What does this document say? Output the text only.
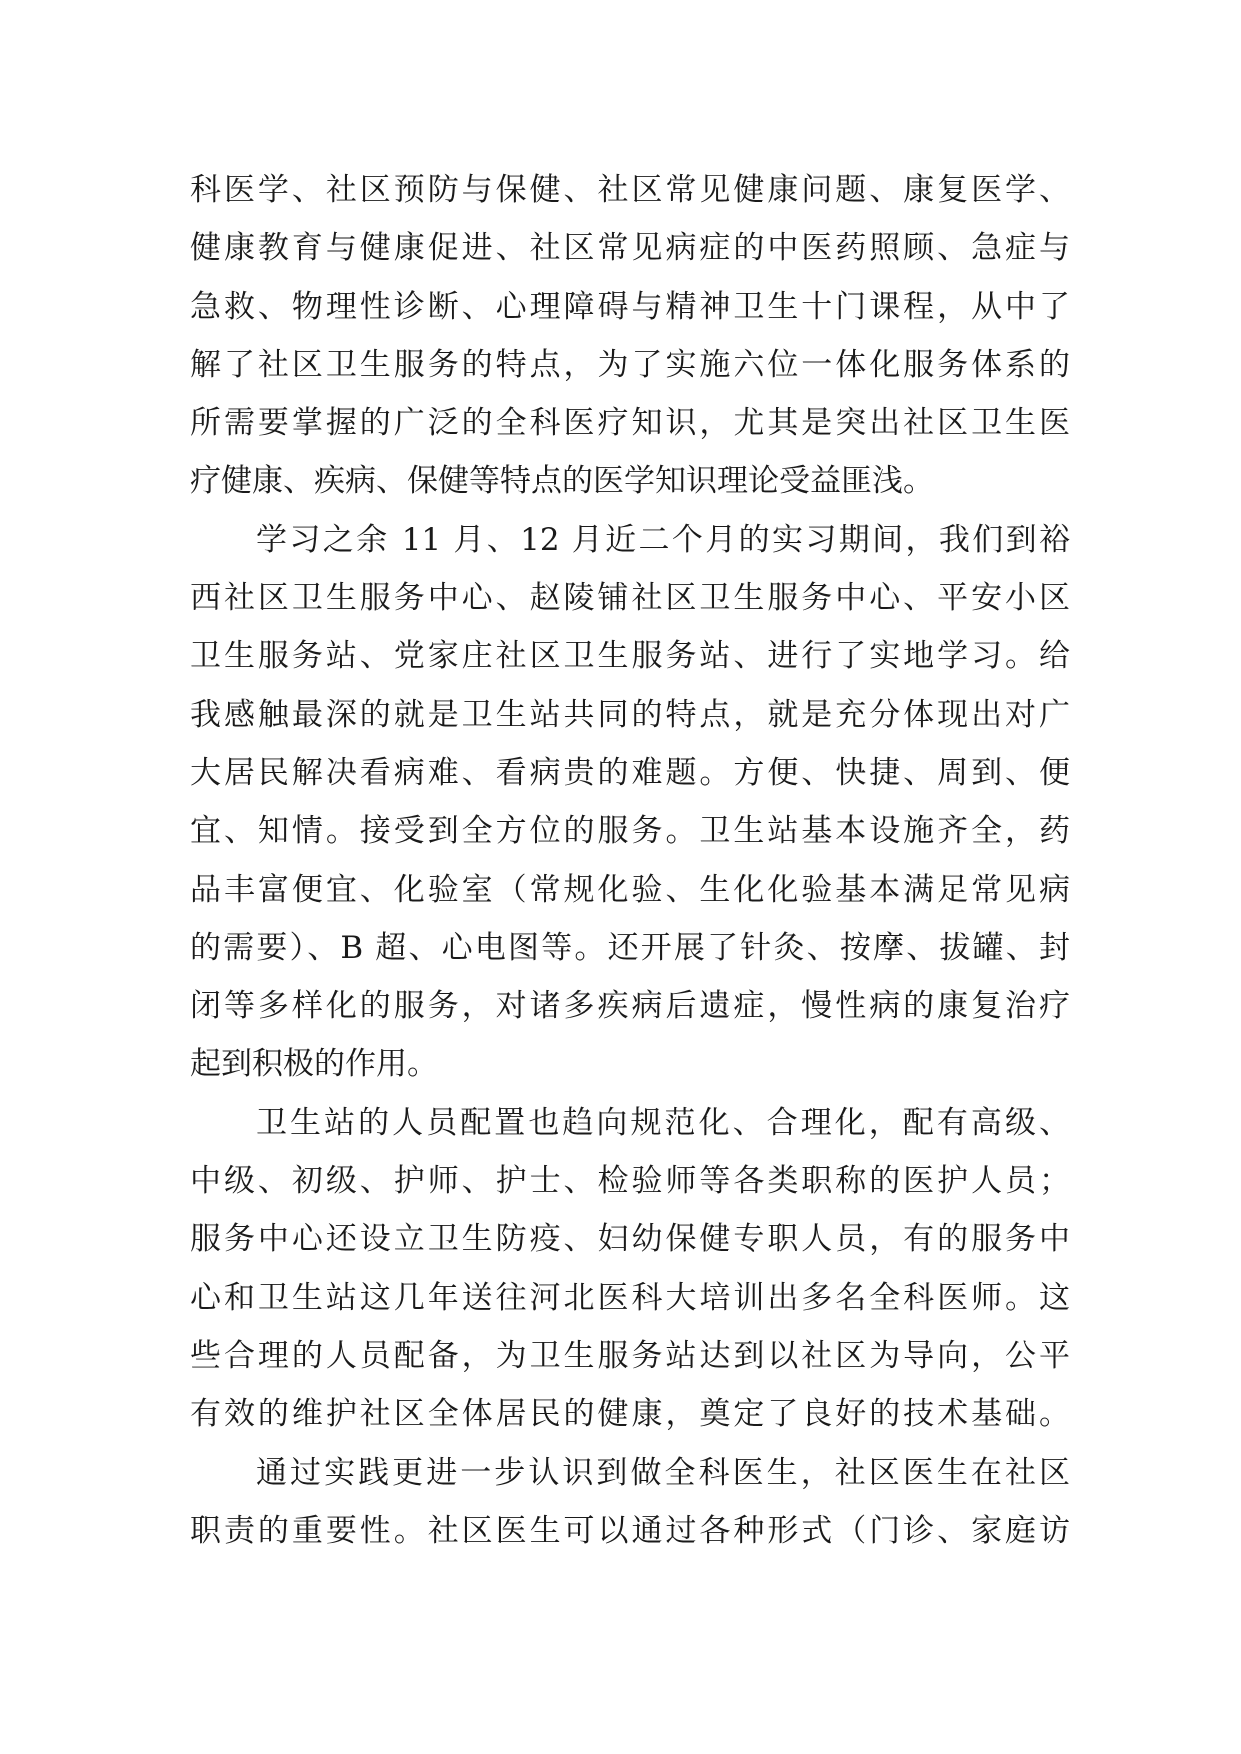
科医学、社区预防与保健、社区常见健康问题、康复医学、
健康教育与健康促进、社区常见病症的中医药照顾、急症与
急救、物理性诊断、心理障碍与精神卫生十门课程，从中了
解了社区卫生服务的特点，为了实施六位一体化服务体系的
所需要掌握的广泛的全科医疗知识，尤其是突出社区卫生医
疗健康、疾病、保健等特点的医学知识理论受益匪浅。
学习之余 11 月、12 月近二个月的实习期间，我们到裕
西社区卫生服务中心、赵陵铺社区卫生服务中心、平安小区
卫生服务站、党家庄社区卫生服务站、进行了实地学习。给
我感触最深的就是卫生站共同的特点，就是充分体现出对广
大居民解决看病难、看病贵的难题。方便、快捷、周到、便
宜、知情。接受到全方位的服务。卫生站基本设施齐全，药
品丰富便宜、化验室（常规化验、生化化验基本满足常见病
的需要）、B 超、心电图等。还开展了针灸、按摩、拔罐、封
闭等多样化的服务，对诸多疾病后遗症，慢性病的康复治疗
起到积极的作用。
卫生站的人员配置也趋向规范化、合理化，配有高级、
中级、初级、护师、护士、检验师等各类职称的医护人员；
服务中心还设立卫生防疫、妇幼保健专职人员，有的服务中
心和卫生站这几年送往河北医科大培训出多名全科医师。这
些合理的人员配备，为卫生服务站达到以社区为导向，公平
有效的维护社区全体居民的健康，奠定了良好的技术基础。
通过实践更进一步认识到做全科医生，社区医生在社区
职责的重要性。社区医生可以通过各种形式（门诊、家庭访
